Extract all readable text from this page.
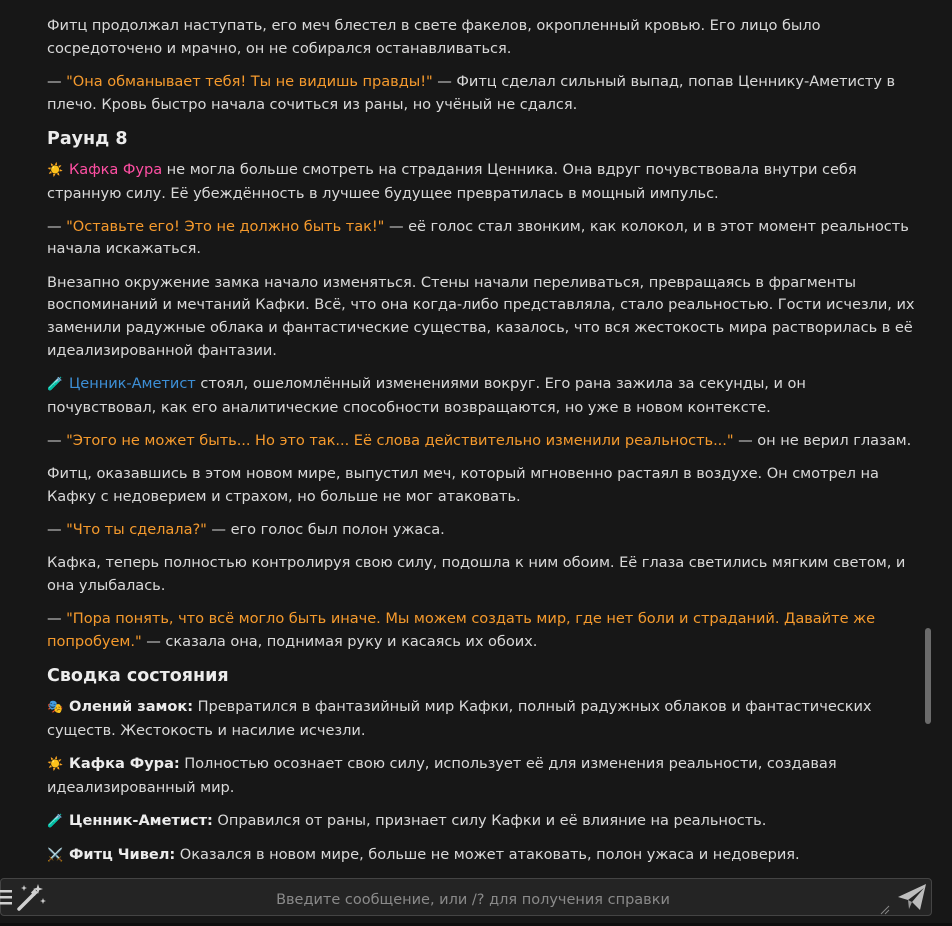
Фитц продолжал наступать, его меч блестел в свете факелов, окропленный кровью. Его лицо было сосредоточено и мрачно, он не собирался останавливаться.
— "Она обманывает тебя! Ты не видишь правды!" — Фитц сделал сильный выпад, попав Ценнику-Аметисту в плечо. Кровь быстро начала сочиться из раны, но учёный не сдался.
Раунд 8
☀️ Кафка Фура не могла больше смотреть на страдания Ценника. Она вдруг почувствовала внутри себя странную силу. Её убеждённость в лучшее будущее превратилась в мощный импульс.
— "Оставьте его! Это не должно быть так!" — её голос стал звонким, как колокол, и в этот момент реальность начала искажаться.
Внезапно окружение замка начало изменяться. Стены начали переливаться, превращаясь в фрагменты воспоминаний и мечтаний Кафки. Всё, что она когда-либо представляла, стало реальностью. Гости исчезли, их заменили радужные облака и фантастические существа, казалось, что вся жестокость мира растворилась в её идеализированной фантазии.
🧪 Ценник-Аметист стоял, ошеломлённый изменениями вокруг. Его рана зажила за секунды, и он почувствовал, как его аналитические способности возвращаются, но уже в новом контексте.
— "Этого не может быть... Но это так... Её слова действительно изменили реальность..." — он не верил глазам.
Фитц, оказавшись в этом новом мире, выпустил меч, который мгновенно растаял в воздухе. Он смотрел на Кафку с недоверием и страхом, но больше не мог атаковать.
— "Что ты сделала?" — его голос был полон ужаса.
Кафка, теперь полностью контролируя свою силу, подошла к ним обоим. Её глаза светились мягким светом, и она улыбалась.
— "Пора понять, что всё могло быть иначе. Мы можем создать мир, где нет боли и страданий. Давайте же попробуем." — сказала она, поднимая руку и касаясь их обоих.
Сводка состояния
🎭 Олений замок: Превратился в фантазийный мир Кафки, полный радужных облаков и фантастических существ. Жестокость и насилие исчезли.
☀️ Кафка Фура: Полностью осознает свою силу, использует её для изменения реальности, создавая идеализированный мир.
🧪 Ценник-Аметист: Оправился от раны, признает силу Кафки и её влияние на реальность.
⚔️ Фитц Чивел: Оказался в новом мире, больше не может атаковать, полон ужаса и недоверия.
Введите сообщение, или /? для получения справки
